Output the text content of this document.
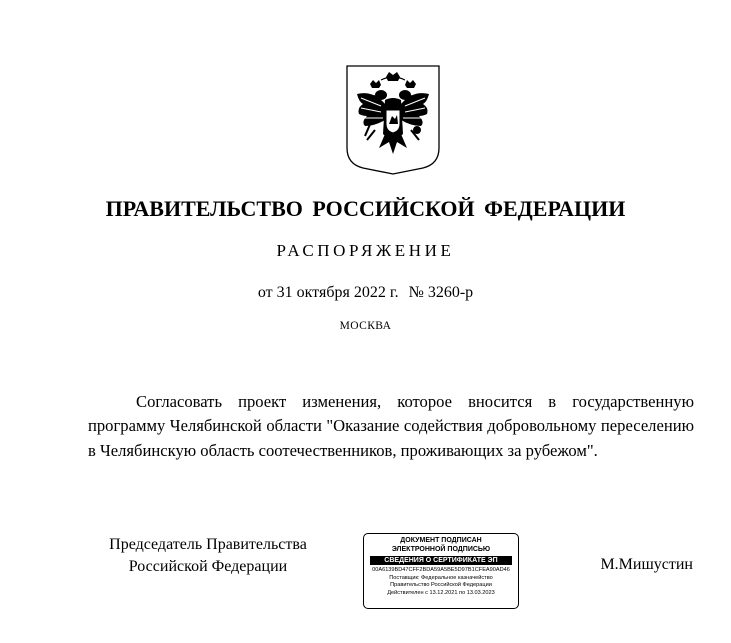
ПРАВИТЕЛЬСТВО РОССИЙСКОЙ ФЕДЕРАЦИИ
РАСПОРЯЖЕНИЕ
от 31 октября 2022 г. № 3260-р
МОСКВА
Согласовать проект изменения, которое вносится в государственную программу Челябинской области "Оказание содействия добровольному переселению в Челябинскую область соотечественников, проживающих за рубежом".
Председатель Правительства
Российской Федерации
ДОКУМЕНТ ПОДПИСАН
ЭЛЕКТРОННОЙ ПОДПИСЬЮ
СВЕДЕНИЯ О СЕРТИФИКАТЕ ЭП
00A6139BD47CFF2BDA59A5BE5D97B1CFEA90AD46
Поставщик: Федеральное казначейство
Правительство Российской Федерации
Действителен с 13.12.2021 по 13.03.2023
М.Мишустин
